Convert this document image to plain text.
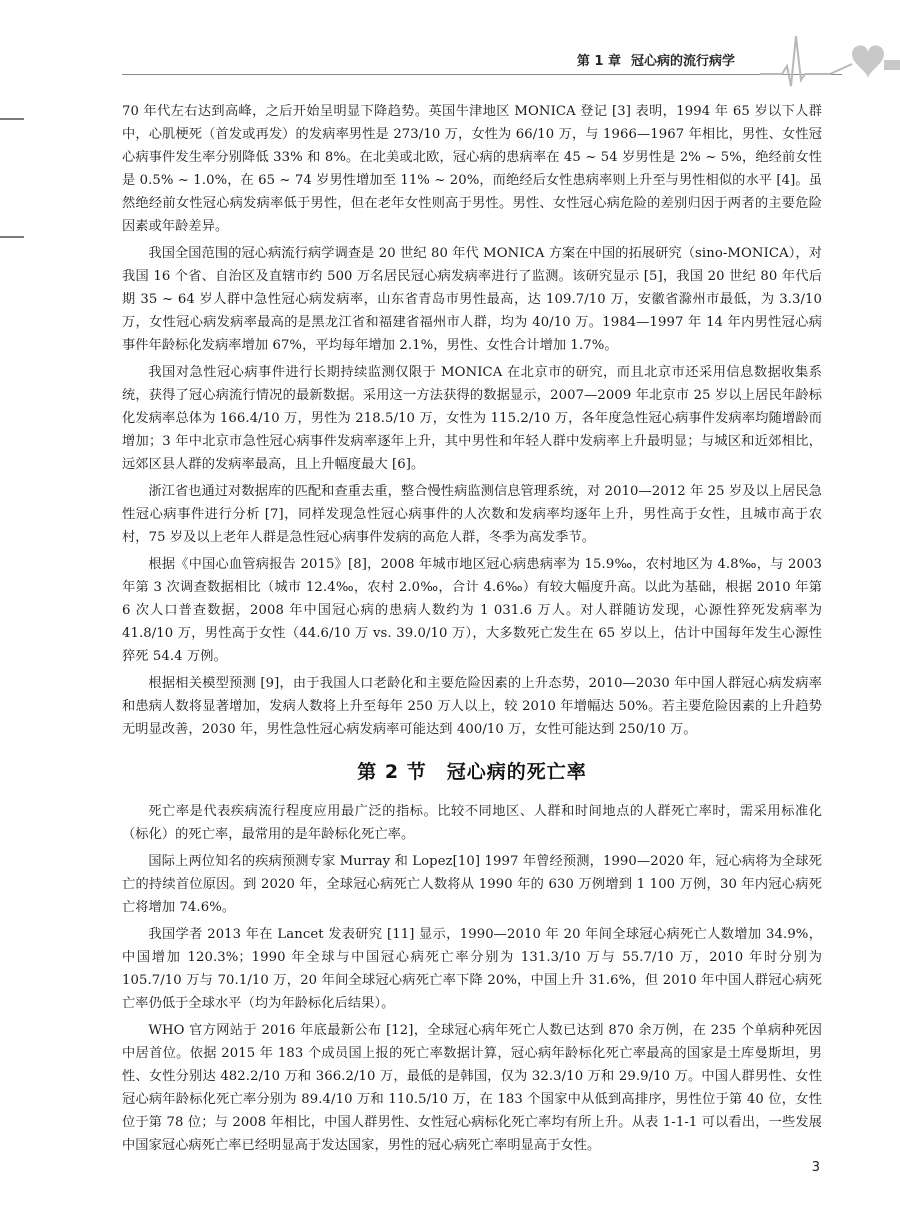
第 1 章 冠心病的流行病学

70 年代左右达到高峰，之后开始呈明显下降趋势。英国牛津地区 MONICA 登记 [3] 表明，1994 年 65 岁以下人群中，心肌梗死（首发或再发）的发病率男性是 273/10 万，女性为 66/10 万，与 1966—1967 年相比，男性、女性冠心病事件发生率分别降低 33% 和 8%。在北美或北欧，冠心病的患病率在 45 ~ 54 岁男性是 2% ~ 5%，绝经前女性是 0.5% ~ 1.0%，在 65 ~ 74 岁男性增加至 11% ~ 20%，而绝经后女性患病率则上升至与男性相似的水平 [4]。虽然绝经前女性冠心病发病率低于男性，但在老年女性则高于男性。男性、女性冠心病危险的差别归因于两者的主要危险因素或年龄差异。

我国全国范围的冠心病流行病学调查是 20 世纪 80 年代 MONICA 方案在中国的拓展研究（sino-MONICA），对我国 16 个省、自治区及直辖市约 500 万名居民冠心病发病率进行了监测。该研究显示 [5]，我国 20 世纪 80 年代后期 35 ~ 64 岁人群中急性冠心病发病率，山东省青岛市男性最高，达 109.7/10 万，安徽省滁州市最低，为 3.3/10 万，女性冠心病发病率最高的是黑龙江省和福建省福州市人群，均为 40/10 万。1984—1997 年 14 年内男性冠心病事件年龄标化发病率增加 67%，平均每年增加 2.1%，男性、女性合计增加 1.7%。

我国对急性冠心病事件进行长期持续监测仅限于 MONICA 在北京市的研究，而且北京市还采用信息数据收集系统，获得了冠心病流行情况的最新数据。采用这一方法获得的数据显示，2007—2009 年北京市 25 岁以上居民年龄标化发病率总体为 166.4/10 万，男性为 218.5/10 万，女性为 115.2/10 万，各年度急性冠心病事件发病率均随增龄而增加；3 年中北京市急性冠心病事件发病率逐年上升，其中男性和年轻人群中发病率上升最明显；与城区和近郊相比，远郊区县人群的发病率最高，且上升幅度最大 [6]。

浙江省也通过对数据库的匹配和查重去重，整合慢性病监测信息管理系统，对 2010—2012 年 25 岁及以上居民急性冠心病事件进行分析 [7]，同样发现急性冠心病事件的人次数和发病率均逐年上升，男性高于女性，且城市高于农村，75 岁及以上老年人群是急性冠心病事件发病的高危人群，冬季为高发季节。

根据《中国心血管病报告 2015》[8]，2008 年城市地区冠心病患病率为 15.9‰，农村地区为 4.8‰，与 2003 年第 3 次调查数据相比（城市 12.4‰，农村 2.0‰，合计 4.6‰）有较大幅度升高。以此为基础，根据 2010 年第 6 次人口普查数据，2008 年中国冠心病的患病人数约为 1 031.6 万人。对人群随访发现，心源性猝死发病率为 41.8/10 万，男性高于女性（44.6/10 万 vs. 39.0/10 万），大多数死亡发生在 65 岁以上，估计中国每年发生心源性猝死 54.4 万例。

根据相关模型预测 [9]，由于我国人口老龄化和主要危险因素的上升态势，2010—2030 年中国人群冠心病发病率和患病人数将显著增加，发病人数将上升至每年 250 万人以上，较 2010 年增幅达 50%。若主要危险因素的上升趋势无明显改善，2030 年，男性急性冠心病发病率可能达到 400/10 万，女性可能达到 250/10 万。

第 2 节　 冠心病的死亡率

死亡率是代表疾病流行程度应用最广泛的指标。比较不同地区、人群和时间地点的人群死亡率时，需采用标准化（标化）的死亡率，最常用的是年龄标化死亡率。

国际上两位知名的疾病预测专家 Murray 和 Lopez[10] 1997 年曾经预测，1990—2020 年，冠心病将为全球死亡的持续首位原因。到 2020 年，全球冠心病死亡人数将从 1990 年的 630 万例增到 1 100 万例，30 年内冠心病死亡将增加 74.6%。

我国学者 2013 年在 Lancet 发表研究 [11] 显示，1990—2010 年 20 年间全球冠心病死亡人数增加 34.9%，中国增加 120.3%；1990 年全球与中国冠心病死亡率分别为 131.3/10 万与 55.7/10 万，2010 年时分别为 105.7/10 万与 70.1/10 万，20 年间全球冠心病死亡率下降 20%，中国上升 31.6%，但 2010 年中国人群冠心病死亡率仍低于全球水平（均为年龄标化后结果）。

WHO 官方网站于 2016 年底最新公布 [12]，全球冠心病年死亡人数已达到 870 余万例，在 235 个单病种死因中居首位。依据 2015 年 183 个成员国上报的死亡率数据计算，冠心病年龄标化死亡率最高的国家是土库曼斯坦，男性、女性分别达 482.2/10 万和 366.2/10 万，最低的是韩国，仅为 32.3/10 万和 29.9/10 万。中国人群男性、女性冠心病年龄标化死亡率分别为 89.4/10 万和 110.5/10 万，在 183 个国家中从低到高排序，男性位于第 40 位，女性位于第 78 位；与 2008 年相比，中国人群男性、女性冠心病标化死亡率均有所上升。从表 1-1-1 可以看出，一些发展中国家冠心病死亡率已经明显高于发达国家，男性的冠心病死亡率明显高于女性。

3
